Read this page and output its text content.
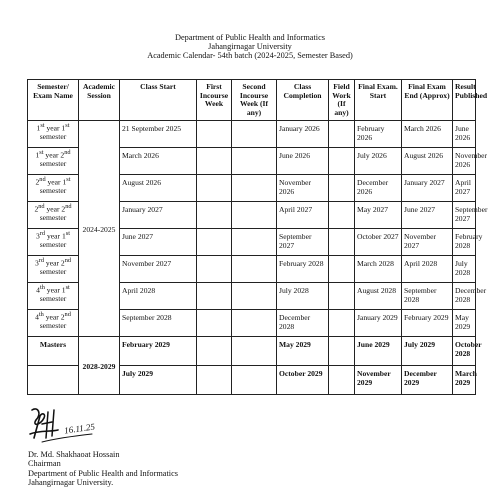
Department of Public Health and Informatics
Jahangirnagar University
Academic Calendar- 54th batch (2024-2025, Semester Based)
Semester/ Exam Name	Academic Session	Class Start	First Incourse Week	Second Incourse Week (If any)	Class Completion	Field Work (If any)	Final Exam. Start	Final Exam End (Approx)	Result Published
1st year 1st
semester	2024-2025	21 September 2025			January 2026		February 2026	March 2026	June 2026
1st year 2nd
semester		March 2026			June 2026		July 2026	August 2026	November 2026
2nd year 1st
semester		August 2026			November 2026		December 2026	January 2027	April 2027
2nd year 2nd
semester		January 2027			April 2027		May 2027	June 2027	September 2027
3rd year 1st
semester		June 2027			September 2027		October 2027	November 2027	February 2028
3rd year 2nd
semester		November 2027			February 2028		March 2028	April 2028	July 2028
4th year 1st
semester		April 2028			July 2028		August 2028	September 2028	December 2028
4th year 2nd
semester		September 2028			December 2028		January 2029	February 2029	May 2029
Masters	2028-2029	February 2029			May 2029		June 2029	July 2029	October 2028
		July 2029			October 2029		November 2029	December 2029	March 2029
16.11.25
Dr. Md. Shakhaoat Hossain
Chairman
Department of Public Health and Informatics
Jahangirnagar University.
